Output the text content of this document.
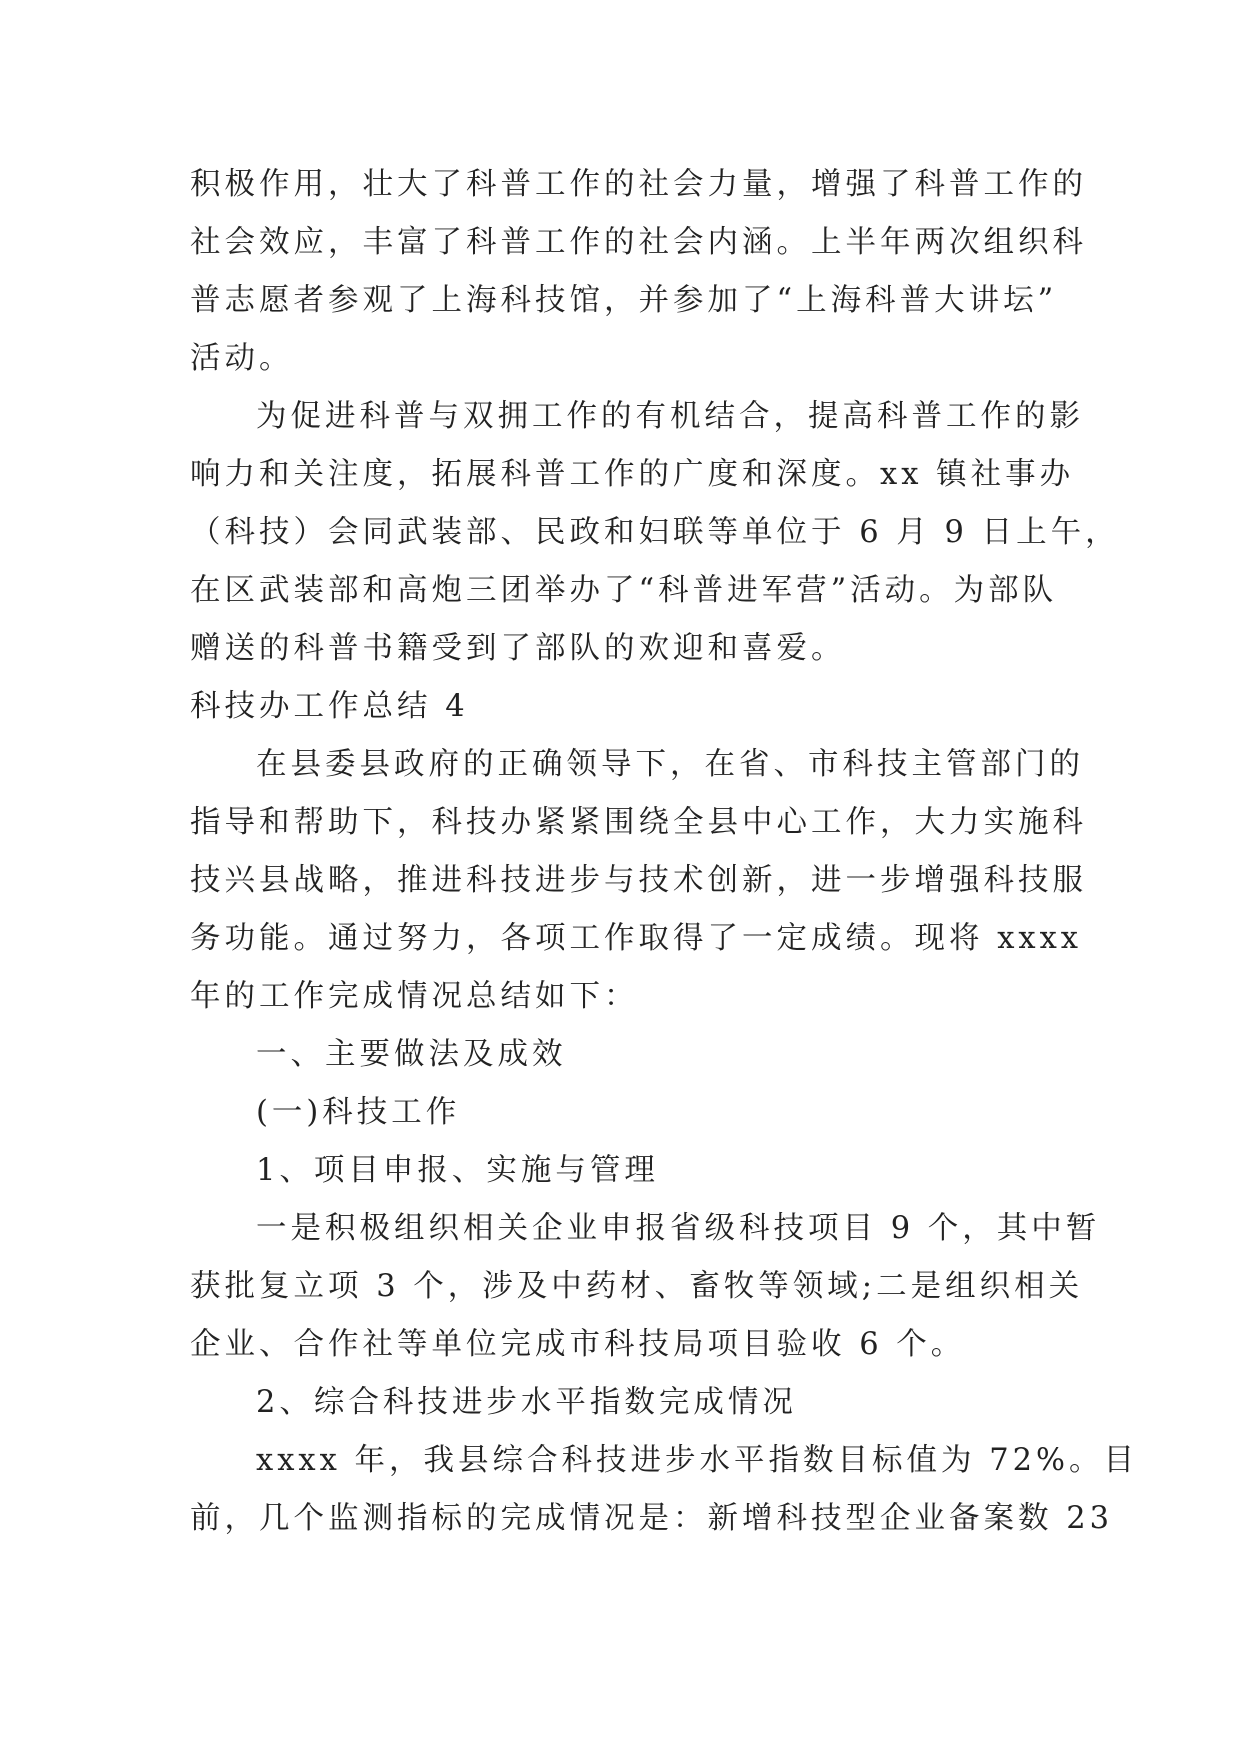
积极作用，壮大了科普工作的社会力量，增强了科普工作的
社会效应，丰富了科普工作的社会内涵。上半年两次组织科
普志愿者参观了上海科技馆，并参加了“上海科普大讲坛”
活动。
为促进科普与双拥工作的有机结合，提高科普工作的影
响力和关注度，拓展科普工作的广度和深度。xx 镇社事办
（科技）会同武装部、民政和妇联等单位于 6 月 9 日上午，
在区武装部和高炮三团举办了“科普进军营”活动。为部队
赠送的科普书籍受到了部队的欢迎和喜爱。
科技办工作总结 4
在县委县政府的正确领导下，在省、市科技主管部门的
指导和帮助下，科技办紧紧围绕全县中心工作，大力实施科
技兴县战略，推进科技进步与技术创新，进一步增强科技服
务功能。通过努力，各项工作取得了一定成绩。现将 xxxx
年的工作完成情况总结如下：
一、主要做法及成效
(一)科技工作
1、项目申报、实施与管理
一是积极组织相关企业申报省级科技项目 9 个，其中暂
获批复立项 3 个，涉及中药材、畜牧等领域;二是组织相关
企业、合作社等单位完成市科技局项目验收 6 个。
2、综合科技进步水平指数完成情况
xxxx 年，我县综合科技进步水平指数目标值为 72%。目
前，几个监测指标的完成情况是：新增科技型企业备案数 23
